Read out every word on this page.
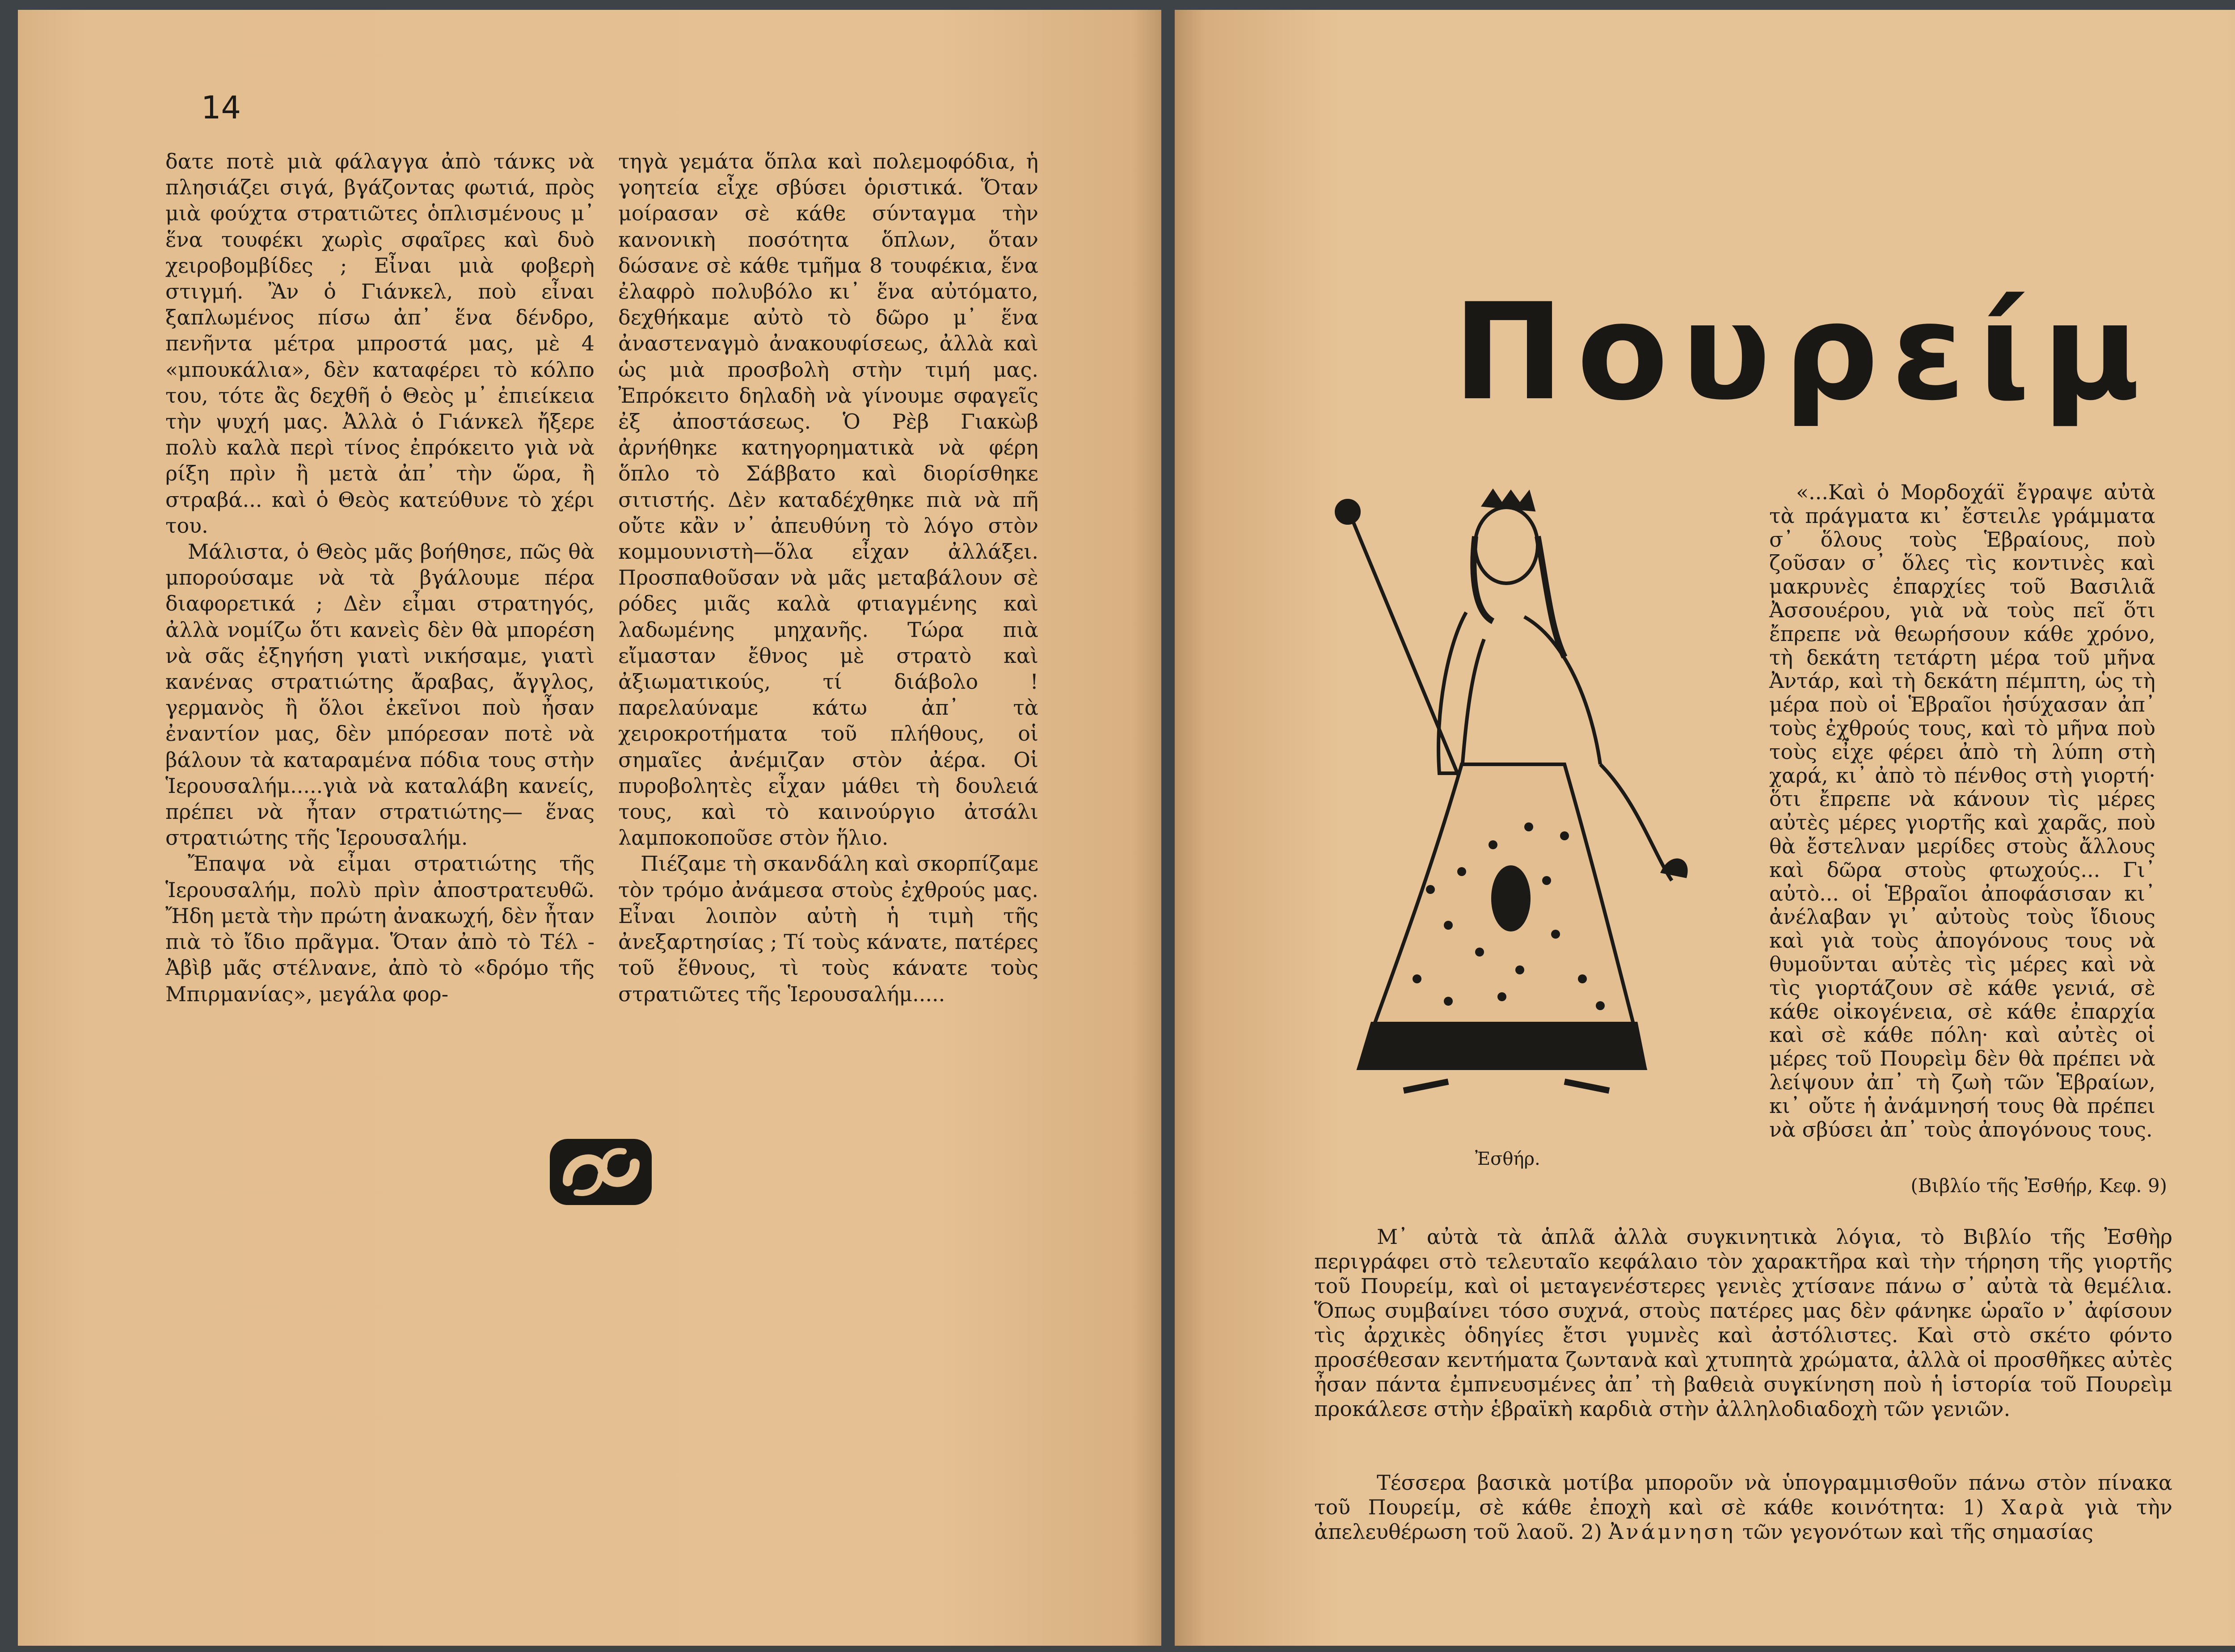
14

δατε ποτὲ μιὰ φάλαγγα ἀπὸ τάνκς νὰ πλησιάζει σιγά, βγάζοντας φωτιά, πρὸς μιὰ φούχτα στρατιῶτες ὁπλισμένους μ᾽ ἕνα τουφέκι χωρὶς σφαῖρες καὶ δυὸ χειροβομβίδες ; Εἶναι μιὰ φοβερὴ στιγμή. Ἂν ὁ Γιάνκελ, ποὺ εἶναι ξαπλωμένος πίσω ἀπ᾽ ἕνα δένδρο, πενῆντα μέτρα μπροστά μας, μὲ 4 «μπουκάλια», δὲν καταφέρει τὸ κόλπο του, τότε ἂς δεχθῆ ὁ Θεὸς μ᾽ ἐπιείκεια τὴν ψυχή μας. Ἀλλὰ ὁ Γιάνκελ ἤξερε πολὺ καλὰ περὶ τίνος ἐπρόκειτο γιὰ νὰ ρίξη πρὶν ἢ μετὰ ἀπ᾽ τὴν ὥρα, ἢ στραβά... καὶ ὁ Θεὸς κατεύθυνε τὸ χέρι του.

Μάλιστα, ὁ Θεὸς μᾶς βοήθησε, πῶς θὰ μπορούσαμε νὰ τὰ βγάλουμε πέρα διαφορετικά ; Δὲν εἶμαι στρατηγός, ἀλλὰ νομίζω ὅτι κανεὶς δὲν θὰ μπορέση νὰ σᾶς ἐξηγήση γιατὶ νικήσαμε, γιατὶ κανένας στρατιώτης ἄραβας, ἄγγλος, γερμανὸς ἢ ὅλοι ἐκεῖνοι ποὺ ἦσαν ἐναντίον μας, δὲν μπόρεσαν ποτὲ νὰ βάλουν τὰ καταραμένα πόδια τους στὴν Ἱερουσαλήμ.....γιὰ νὰ καταλάβη κανείς, πρέπει νὰ ἦταν στρατιώτης— ἕνας στρατιώτης τῆς Ἱερουσαλήμ.

Ἔπαψα νὰ εἶμαι στρατιώτης τῆς Ἱερουσαλήμ, πολὺ πρὶν ἀποστρατευθῶ. Ἤδη μετὰ τὴν πρώτη ἀνακωχή, δὲν ἦταν πιὰ τὸ ἴδιο πρᾶγμα. Ὅταν ἀπὸ τὸ Τέλ - Ἀβὶβ μᾶς στέλνανε, ἀπὸ τὸ «δρόμο τῆς Μπιρμανίας», μεγάλα φορ-

τηγὰ γεμάτα ὅπλα καὶ πολεμοφόδια, ἡ γοητεία εἶχε σβύσει ὁριστικά. Ὅταν μοίρασαν σὲ κάθε σύνταγμα τὴν κανονικὴ ποσότητα ὅπλων, ὅταν δώσανε σὲ κάθε τμῆμα 8 τουφέκια, ἕνα ἐλαφρὸ πολυβόλο κι᾽ ἕνα αὐτόματο, δεχθήκαμε αὐτὸ τὸ δῶρο μ᾽ ἕνα ἀναστεναγμὸ ἀνακουφίσεως, ἀλλὰ καὶ ὡς μιὰ προσβολὴ στὴν τιμή μας. Ἐπρόκειτο δηλαδὴ νὰ γίνουμε σφαγεῖς ἐξ ἀποστάσεως. Ὁ Ρὲβ Γιακὼβ ἀρνήθηκε κατηγορηματικὰ νὰ φέρη ὅπλο τὸ Σάββατο καὶ διορίσθηκε σιτιστής. Δὲν καταδέχθηκε πιὰ νὰ πῆ οὔτε κἂν ν᾽ ἀπευθύνη τὸ λόγο στὸν κομμουνιστὴ—ὅλα εἶχαν ἀλλάξει. Προσπαθοῦσαν νὰ μᾶς μεταβάλουν σὲ ρόδες μιᾶς καλὰ φτιαγμένης καὶ λαδωμένης μηχανῆς. Τώρα πιὰ εἴμασταν ἔθνος μὲ στρατὸ καὶ ἀξιωματικούς, τί διάβολο ! παρελαύναμε κάτω ἀπ᾽ τὰ χειροκροτήματα τοῦ πλήθους, οἱ σημαῖες ἀνέμιζαν στὸν ἀέρα. Οἱ πυροβολητὲς εἶχαν μάθει τὴ δουλειά τους, καὶ τὸ καινούργιο ἀτσάλι λαμποκοποῦσε στὸν ἥλιο.

Πιέζαμε τὴ σκανδάλη καὶ σκορπίζαμε τὸν τρόμο ἀνάμεσα στοὺς ἐχθρούς μας. Εἶναι λοιπὸν αὐτὴ ἡ τιμὴ τῆς ἀνεξαρτησίας ; Τί τοὺς κάνατε, πατέρες τοῦ ἔθνους, τὶ τοὺς κάνατε τοὺς στρατιῶτες τῆς Ἱερουσαλήμ.....

Πουρείμ
Ἐσθήρ.

«...Καὶ ὁ Μορδοχάϊ ἔγραψε αὐτὰ τὰ πράγματα κι᾽ ἔστειλε γράμματα σ᾽ ὅλους τοὺς Ἑβραίους, ποὺ ζοῦσαν σ᾽ ὅλες τὶς κοντινὲς καὶ μακρυνὲς ἐπαρχίες τοῦ Βασιλιᾶ Ἀσσουέρου, γιὰ νὰ τοὺς πεῖ ὅτι ἔπρεπε νὰ θεωρήσουν κάθε χρόνο, τὴ δεκάτη τετάρτη μέρα τοῦ μῆνα Ἀντάρ, καὶ τὴ δεκάτη πέμπτη, ὡς τὴ μέρα ποὺ οἱ Ἑβραῖοι ἡσύχασαν ἀπ᾽ τοὺς ἐχθρούς τους, καὶ τὸ μῆνα ποὺ τοὺς εἶχε φέρει ἀπὸ τὴ λύπη στὴ χαρά, κι᾽ ἀπὸ τὸ πένθος στὴ γιορτή· ὅτι ἔπρεπε νὰ κάνουν τὶς μέρες αὐτὲς μέρες γιορτῆς καὶ χαρᾶς, ποὺ θὰ ἔστελναν μερίδες στοὺς ἄλλους καὶ δῶρα στοὺς φτωχούς... Γι᾽ αὐτὸ... οἱ Ἑβραῖοι ἀποφάσισαν κι᾽ ἀνέλαβαν γι᾽ αὐτοὺς τοὺς ἴδιους καὶ γιὰ τοὺς ἀπογόνους τους νὰ θυμοῦνται αὐτὲς τὶς μέρες καὶ νὰ τὶς γιορτάζουν σὲ κάθε γενιά, σὲ κάθε οἰκογένεια, σὲ κάθε ἐπαρχία καὶ σὲ κάθε πόλη· καὶ αὐτὲς οἱ μέρες τοῦ Πουρεὶμ δὲν θὰ πρέπει νὰ λείψουν ἀπ᾽ τὴ ζωὴ τῶν Ἑβραίων, κι᾽ οὔτε ἡ ἀνάμνησή τους θὰ πρέπει νὰ σβύσει ἀπ᾽ τοὺς ἀπογόνους τους.

(Βιβλίο τῆς Ἐσθήρ, Κεφ. 9)

Μ᾽ αὐτὰ τὰ ἁπλᾶ ἀλλὰ συγκινητικὰ λόγια, τὸ Βιβλίο τῆς Ἐσθὴρ περιγράφει στὸ τελευταῖο κεφάλαιο τὸν χαρακτῆρα καὶ τὴν τήρηση τῆς γιορτῆς τοῦ Πουρείμ, καὶ οἱ μεταγενέστερες γενιὲς χτίσανε πάνω σ᾽ αὐτὰ τὰ θεμέλια. Ὅπως συμβαίνει τόσο συχνά, στοὺς πατέρες μας δὲν φάνηκε ὡραῖο ν᾽ ἀφίσουν τὶς ἀρχικὲς ὁδηγίες ἔτσι γυμνὲς καὶ ἀστόλιστες. Καὶ στὸ σκέτο φόντο προσέθεσαν κεντήματα ζωντανὰ καὶ χτυπητὰ χρώματα, ἀλλὰ οἱ προσθῆκες αὐτὲς ἦσαν πάντα ἐμπνευσμένες ἀπ᾽ τὴ βαθειὰ συγκίνηση ποὺ ἡ ἱστορία τοῦ Πουρεὶμ προκάλεσε στὴν ἑβραϊκὴ καρδιὰ στὴν ἀλληλοδιαδοχὴ τῶν γενιῶν.

Τέσσερα βασικὰ μοτίβα μποροῦν νὰ ὑπογραμμισθοῦν πάνω στὸν πίνακα τοῦ Πουρείμ, σὲ κάθε ἐποχὴ καὶ σὲ κάθε κοινότητα: 1) Χαρὰ γιὰ τὴν ἀπελευθέρωση τοῦ λαοῦ. 2) Ἀνάμνηση τῶν γεγονότων καὶ τῆς σημασίας
